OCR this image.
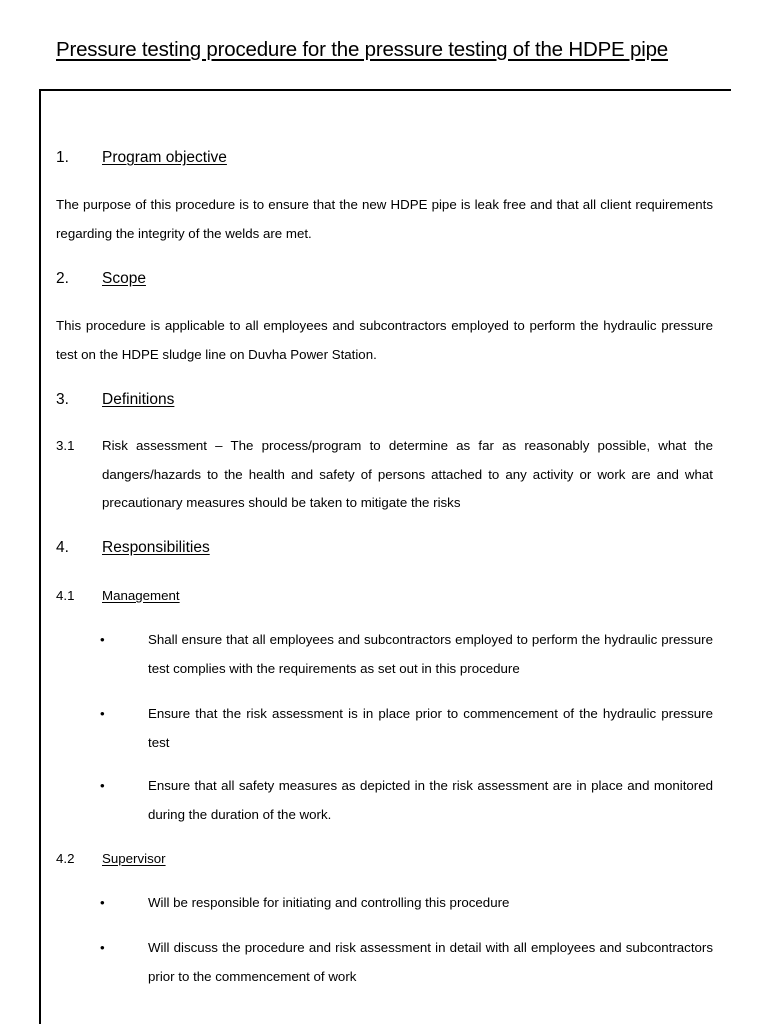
Pressure testing procedure for the pressure testing of the HDPE pipe
1. Program objective
The purpose of this procedure is to ensure that the new HDPE pipe is leak free and that all client requirements regarding the integrity of the welds are met.
2. Scope
This procedure is applicable to all employees and subcontractors employed to perform the hydraulic pressure test on the HDPE sludge line on Duvha Power Station.
3. Definitions
3.1 Risk assessment – The process/program to determine as far as reasonably possible, what the dangers/hazards to the health and safety of persons attached to any activity or work are and what precautionary measures should be taken to mitigate the risks
4. Responsibilities
4.1 Management
•	Shall ensure that all employees and subcontractors employed to perform the hydraulic pressure test complies with the requirements as set out in this procedure
•	Ensure that the risk assessment is in place prior to commencement of the hydraulic pressure test
•	Ensure that all safety measures as depicted in the risk assessment are in place and monitored during the duration of the work.
4.2 Supervisor
•	Will be responsible for initiating and controlling this procedure
•	Will discuss the procedure and risk assessment in detail with all employees and subcontractors prior to the commencement of work
